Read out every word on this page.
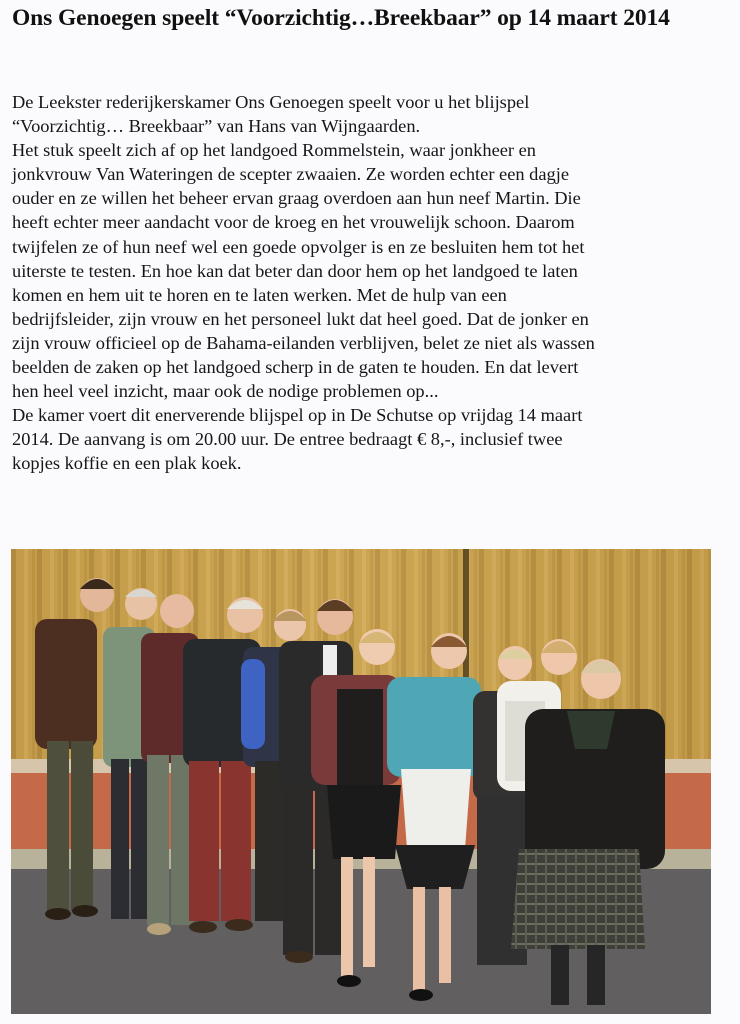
Ons Genoegen speelt “Voorzichtig…Breekbaar” op 14 maart 2014
De Leekster rederijkerskamer Ons Genoegen speelt voor u het blijspel
“Voorzichtig… Breekbaar” van Hans van Wijngaarden.
Het stuk speelt zich af op het landgoed Rommelstein, waar jonkheer en
jonkvrouw Van Wateringen de scepter zwaaien. Ze worden echter een dagje
ouder en ze willen het beheer ervan graag overdoen aan hun neef Martin. Die
heeft echter meer aandacht voor de kroeg en het vrouwelijk schoon. Daarom
twijfelen ze of hun neef wel een goede opvolger is en ze besluiten hem tot het
uiterste te testen. En hoe kan dat beter dan door hem op het landgoed te laten
komen en hem uit te horen en te laten werken. Met de hulp van een
bedrijfsleider, zijn vrouw en het personeel lukt dat heel goed. Dat de jonker en
zijn vrouw officieel op de Bahama-eilanden verblijven, belet ze niet als wassen
beelden de zaken op het landgoed scherp in de gaten te houden. En dat levert
hen heel veel inzicht, maar ook de nodige problemen op...
De kamer voert dit enerverende blijspel op in De Schutse op vrijdag 14 maart
2014. De aanvang is om 20.00 uur. De entree bedraagt € 8,-, inclusief twee
kopjes koffie en een plak koek.
